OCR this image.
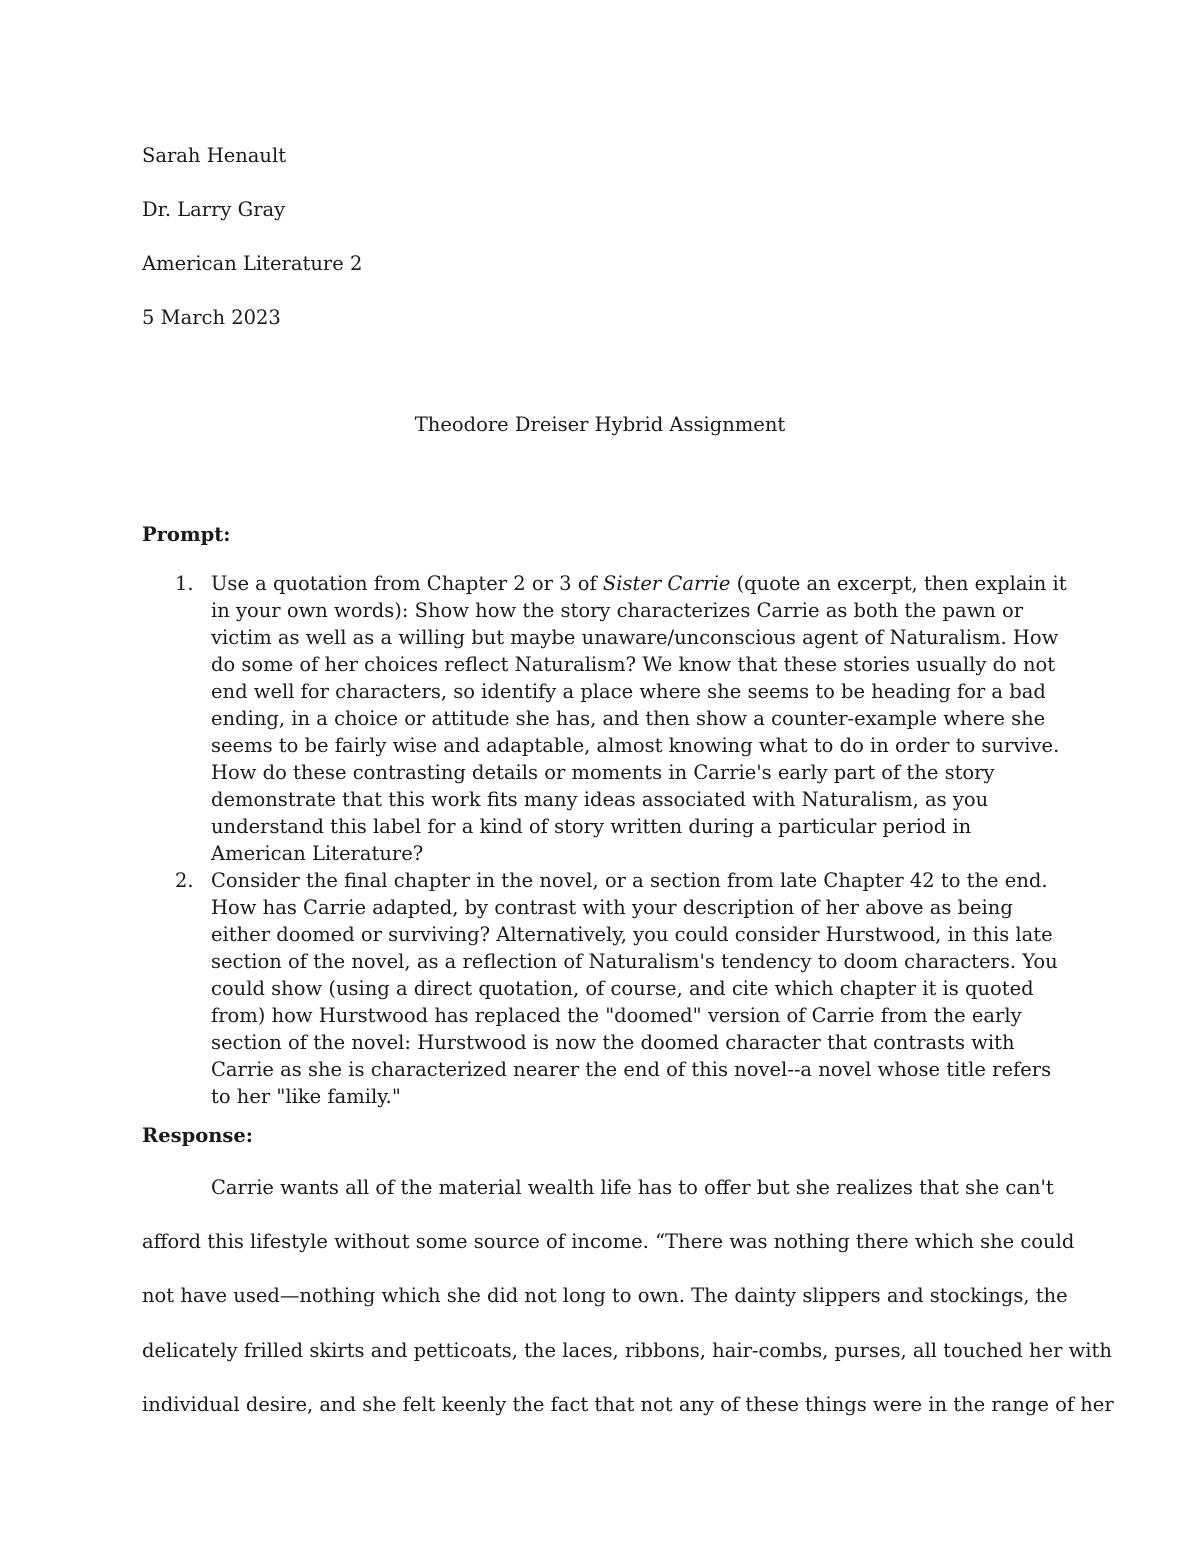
Sarah Henault
Dr. Larry Gray
American Literature 2
5 March 2023
Theodore Dreiser Hybrid Assignment
Prompt:
1. Use a quotation from Chapter 2 or 3 of Sister Carrie (quote an excerpt, then explain it in your own words): Show how the story characterizes Carrie as both the pawn or victim as well as a willing but maybe unaware/unconscious agent of Naturalism. How do some of her choices reflect Naturalism? We know that these stories usually do not end well for characters, so identify a place where she seems to be heading for a bad ending, in a choice or attitude she has, and then show a counter-example where she seems to be fairly wise and adaptable, almost knowing what to do in order to survive. How do these contrasting details or moments in Carrie's early part of the story demonstrate that this work fits many ideas associated with Naturalism, as you understand this label for a kind of story written during a particular period in American Literature?
2. Consider the final chapter in the novel, or a section from late Chapter 42 to the end. How has Carrie adapted, by contrast with your description of her above as being either doomed or surviving? Alternatively, you could consider Hurstwood, in this late section of the novel, as a reflection of Naturalism's tendency to doom characters. You could show (using a direct quotation, of course, and cite which chapter it is quoted from) how Hurstwood has replaced the "doomed" version of Carrie from the early section of the novel: Hurstwood is now the doomed character that contrasts with Carrie as she is characterized nearer the end of this novel--a novel whose title refers to her "like family."
Response:
Carrie wants all of the material wealth life has to offer but she realizes that she can't
afford this lifestyle without some source of income. “There was nothing there which she could
not have used—nothing which she did not long to own. The dainty slippers and stockings, the
delicately frilled skirts and petticoats, the laces, ribbons, hair-combs, purses, all touched her with
individual desire, and she felt keenly the fact that not any of these things were in the range of her
